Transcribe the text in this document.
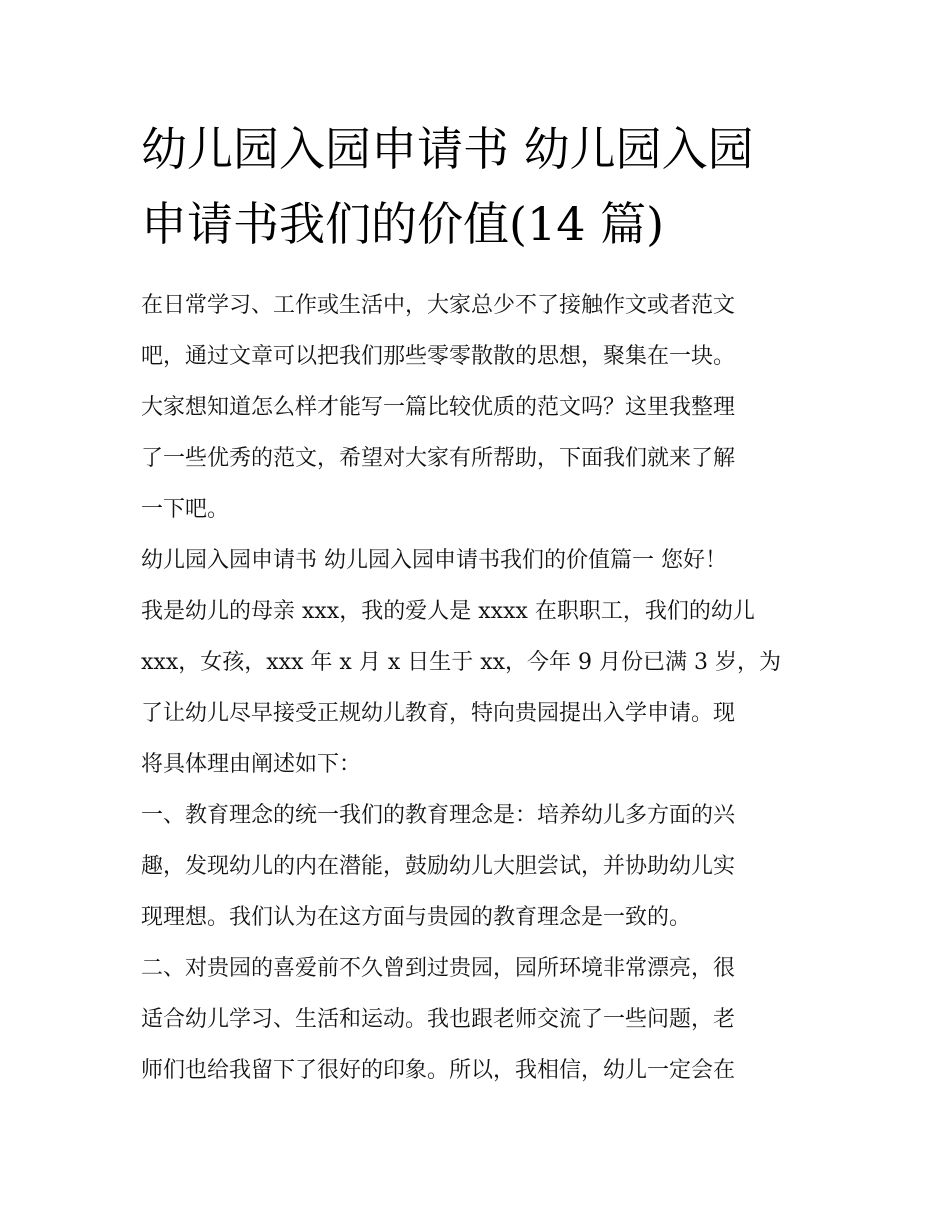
幼儿园入园申请书 幼儿园入园
申请书我们的价值(14 篇)

在日常学习、工作或生活中，大家总少不了接触作文或者范文
吧，通过文章可以把我们那些零零散散的思想，聚集在一块。
大家想知道怎么样才能写一篇比较优质的范文吗？这里我整理
了一些优秀的范文，希望对大家有所帮助，下面我们就来了解
一下吧。

幼儿园入园申请书 幼儿园入园申请书我们的价值篇一 您好！
我是幼儿的母亲 xxx，我的爱人是 xxxx 在职职工，我们的幼儿
xxx，女孩，xxx 年 x 月 x 日生于 xx，今年 9 月份已满 3 岁，为
了让幼儿尽早接受正规幼儿教育，特向贵园提出入学申请。现
将具体理由阐述如下：

一、教育理念的统一我们的教育理念是：培养幼儿多方面的兴
趣，发现幼儿的内在潜能，鼓励幼儿大胆尝试，并协助幼儿实
现理想。我们认为在这方面与贵园的教育理念是一致的。

二、对贵园的喜爱前不久曾到过贵园，园所环境非常漂亮，很
适合幼儿学习、生活和运动。我也跟老师交流了一些问题，老
师们也给我留下了很好的印象。所以，我相信，幼儿一定会在
